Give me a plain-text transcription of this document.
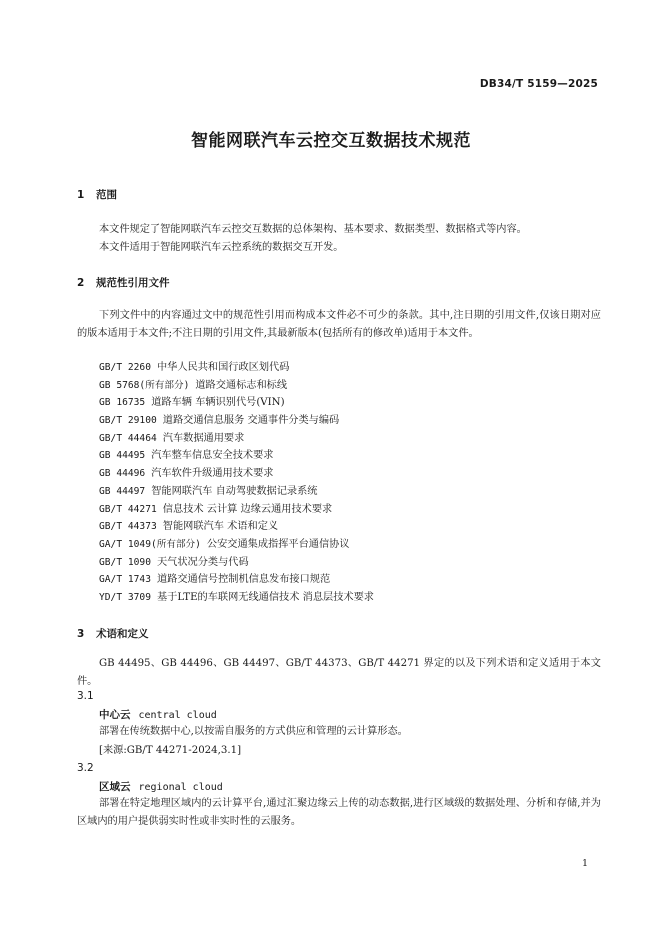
DB34/T 5159—2025
智能网联汽车云控交互数据技术规范
1 范围
本文件规定了智能网联汽车云控交互数据的总体架构、基本要求、数据类型、数据格式等内容。
本文件适用于智能网联汽车云控系统的数据交互开发。
2 规范性引用文件
下列文件中的内容通过文中的规范性引用而构成本文件必不可少的条款。其中,注日期的引用文件,仅该日期对应的版本适用于本文件;不注日期的引用文件,其最新版本(包括所有的修改单)适用于本文件。
GB/T 2260 中华人民共和国行政区划代码
GB 5768(所有部分) 道路交通标志和标线
GB 16735 道路车辆 车辆识别代号(VIN)
GB/T 29100 道路交通信息服务 交通事件分类与编码
GB/T 44464 汽车数据通用要求
GB 44495 汽车整车信息安全技术要求
GB 44496 汽车软件升级通用技术要求
GB 44497 智能网联汽车 自动驾驶数据记录系统
GB/T 44271 信息技术 云计算 边缘云通用技术要求
GB/T 44373 智能网联汽车 术语和定义
GA/T 1049(所有部分) 公安交通集成指挥平台通信协议
GB/T 1090 天气状况分类与代码
GA/T 1743 道路交通信号控制机信息发布接口规范
YD/T 3709 基于LTE的车联网无线通信技术 消息层技术要求
3 术语和定义
GB 44495、GB 44496、GB 44497、GB/T 44373、GB/T 44271 界定的以及下列术语和定义适用于本文件。
3.1
中心云 central cloud
部署在传统数据中心,以按需自服务的方式供应和管理的云计算形态。
[来源:GB/T 44271-2024,3.1]
3.2
区域云 regional cloud
部署在特定地理区域内的云计算平台,通过汇聚边缘云上传的动态数据,进行区域级的数据处理、分析和存储,并为区域内的用户提供弱实时性或非实时性的云服务。
1
